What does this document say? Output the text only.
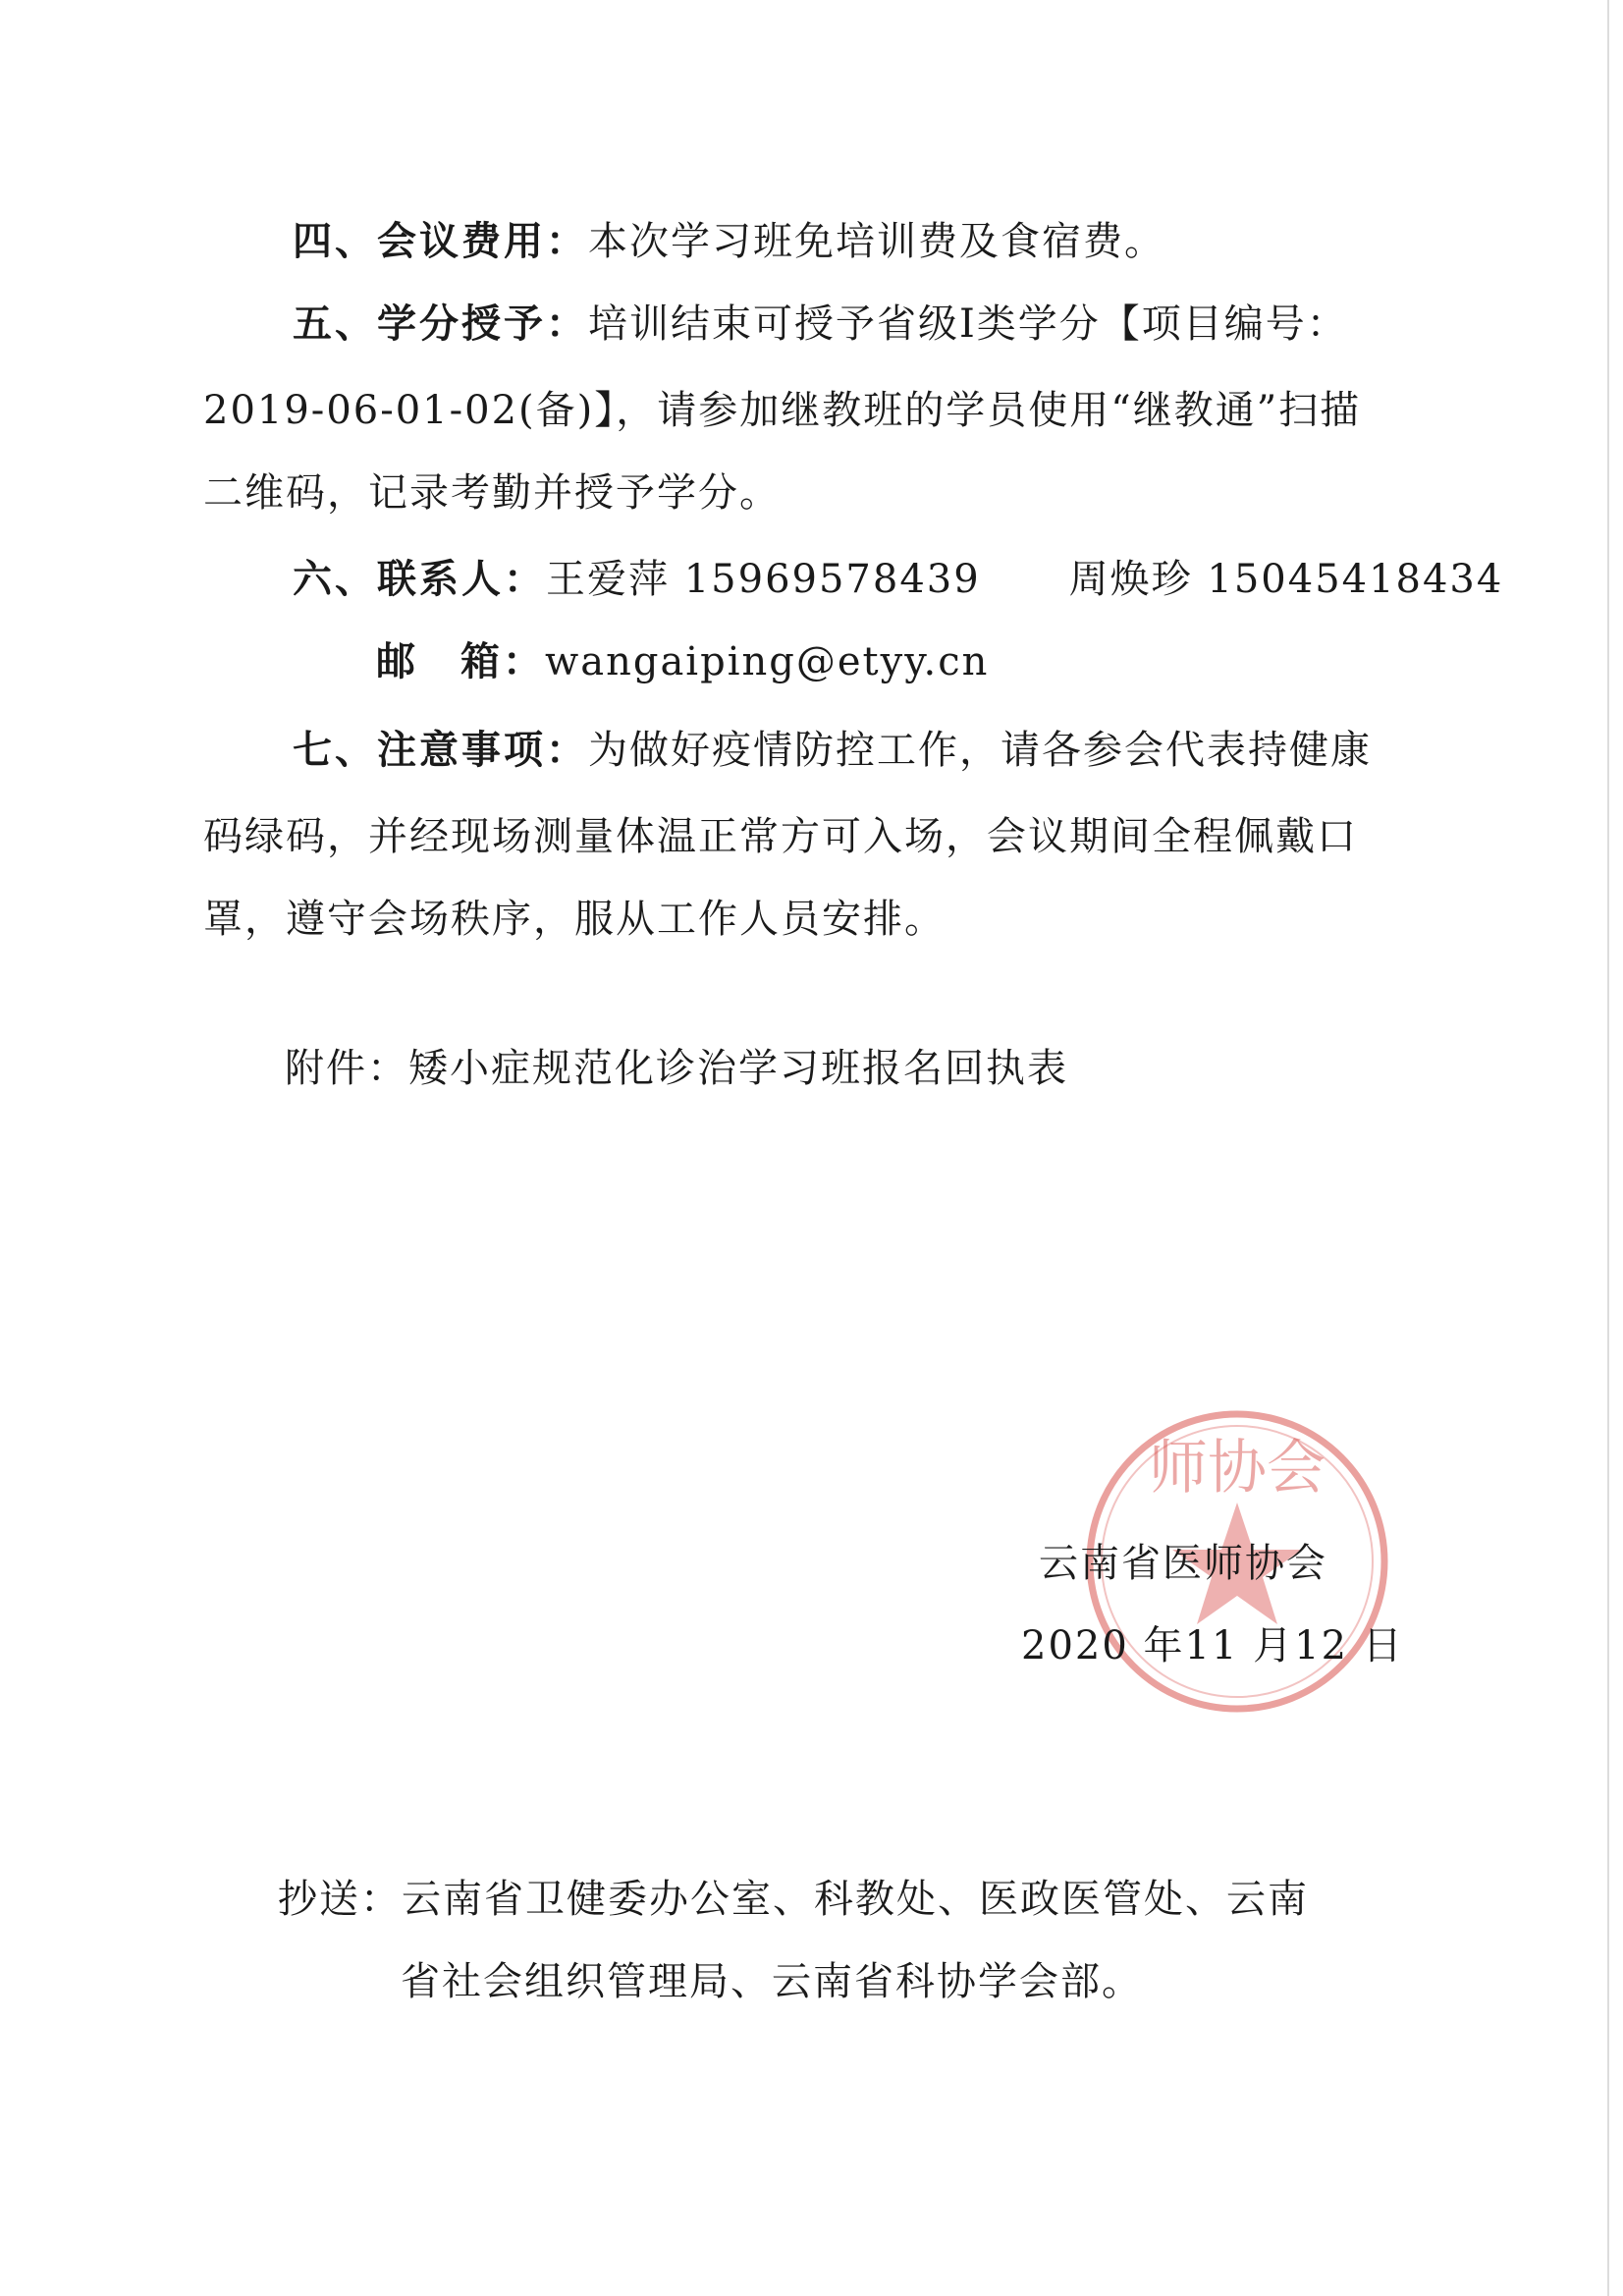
四、会议费用：本次学习班免培训费及食宿费。
五、学分授予：培训结束可授予省级Ⅰ类学分【项目编号：
2019-06-01-02(备)】，请参加继教班的学员使用“继教通”扫描
二维码，记录考勤并授予学分。
六、联系人：王爱萍 15969578439 周焕珍 15045418434
邮　箱：wangaiping@etyy.cn
七、注意事项：为做好疫情防控工作，请各参会代表持健康
码绿码，并经现场测量体温正常方可入场，会议期间全程佩戴口
罩，遵守会场秩序，服从工作人员安排。
附件：矮小症规范化诊治学习班报名回执表
师协会
云南省医师协会
2020 年11 月12 日
抄送：云南省卫健委办公室、科教处、医政医管处、云南
省社会组织管理局、云南省科协学会部。
